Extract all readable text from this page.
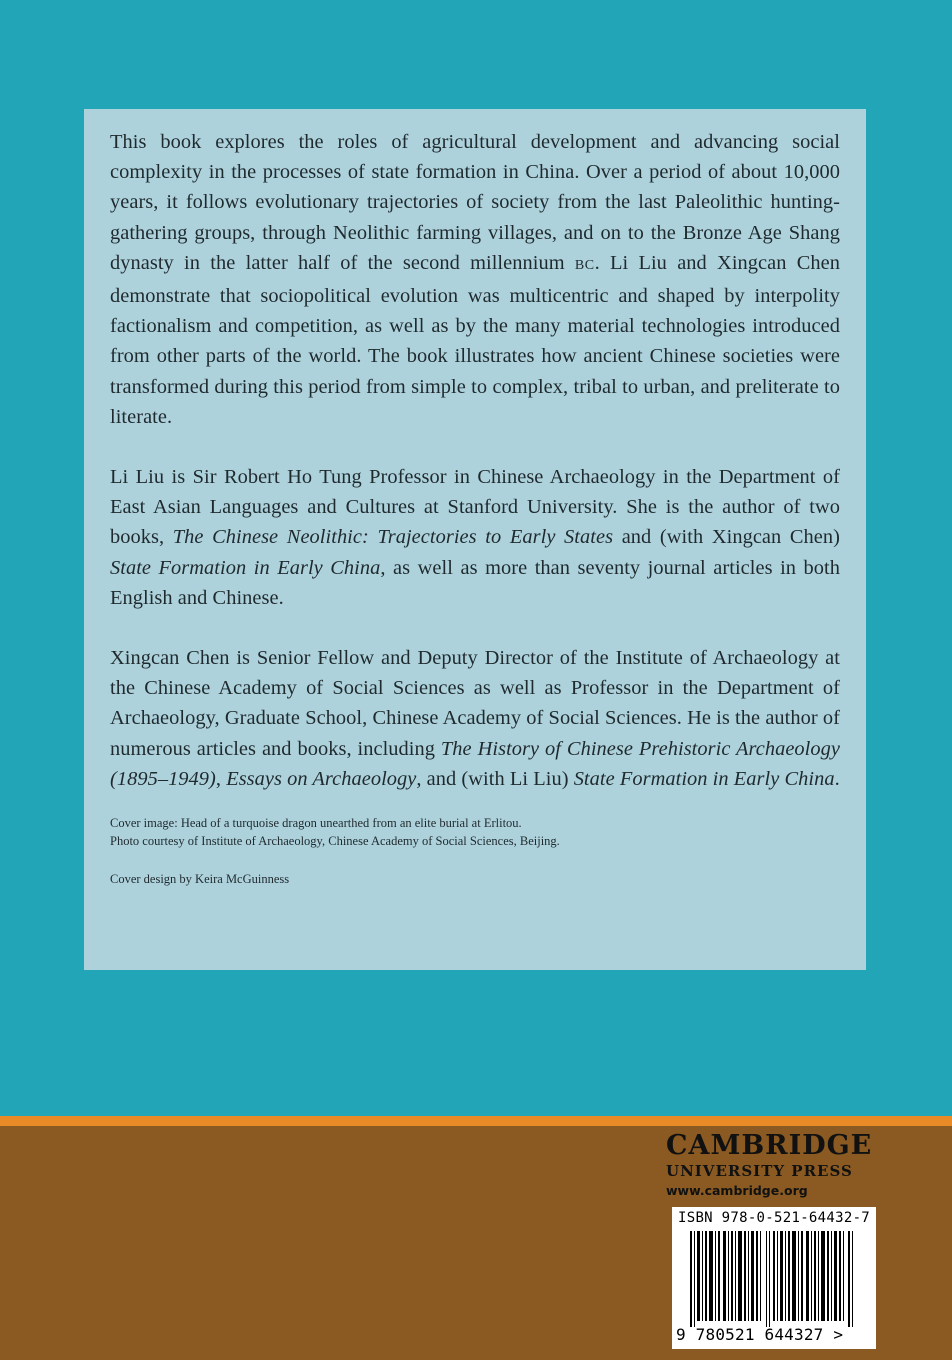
This book explores the roles of agricultural development and advancing social complexity in the processes of state formation in China. Over a period of about 10,000 years, it follows evolutionary trajectories of society from the last Paleolithic hunting-gathering groups, through Neolithic farming villages, and on to the Bronze Age Shang dynasty in the latter half of the second millennium BC. Li Liu and Xingcan Chen demonstrate that sociopolitical evolution was multicentric and shaped by interpolity factionalism and competition, as well as by the many material technologies introduced from other parts of the world. The book illustrates how ancient Chinese societies were transformed during this period from simple to complex, tribal to urban, and preliterate to literate.

Li Liu is Sir Robert Ho Tung Professor in Chinese Archaeology in the Department of East Asian Languages and Cultures at Stanford University. She is the author of two books, The Chinese Neolithic: Trajectories to Early States and (with Xingcan Chen) State Formation in Early China, as well as more than seventy journal articles in both English and Chinese.

Xingcan Chen is Senior Fellow and Deputy Director of the Institute of Archaeology at the Chinese Academy of Social Sciences as well as Professor in the Department of Archaeology, Graduate School, Chinese Academy of Social Sciences. He is the author of numerous articles and books, including The History of Chinese Prehistoric Archaeology (1895–1949), Essays on Archaeology, and (with Li Liu) State Formation in Early China.

Cover image: Head of a turquoise dragon unearthed from an elite burial at Erlitou.

Photo courtesy of Institute of Archaeology, Chinese Academy of Social Sciences, Beijing.

Cover design by Keira McGuinness

CAMBRIDGE
UNIVERSITY PRESS
www.cambridge.org
ISBN 978-0-521-64432-7
9 780521 644327 >
